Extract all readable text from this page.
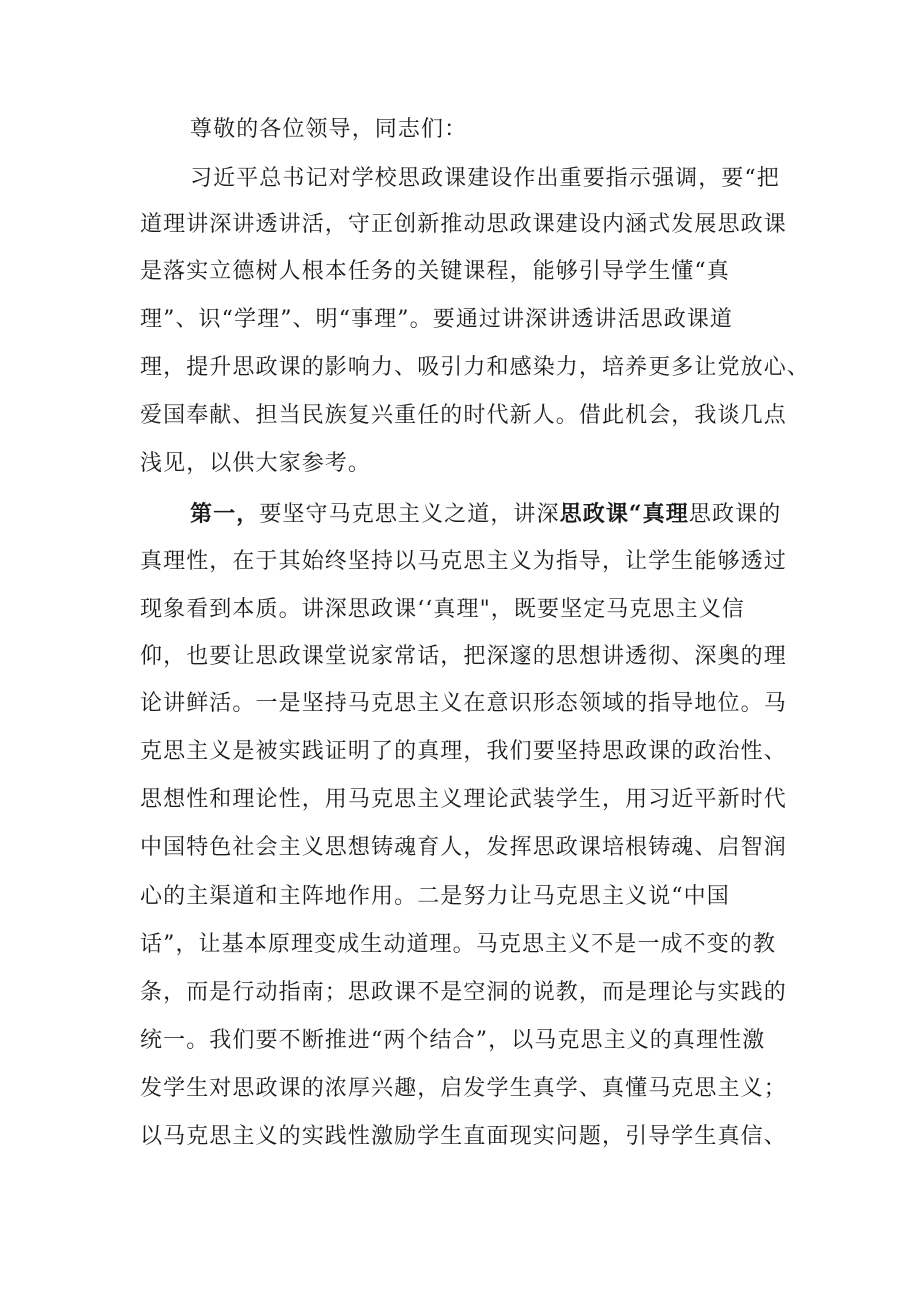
尊敬的各位领导，同志们：
习近平总书记对学校思政课建设作出重要指示强调，要“把
道理讲深讲透讲活，守正创新推动思政课建设内涵式发展思政课
是落实立德树人根本任务的关键课程，能够引导学生懂“真
理”、识“学理”、明“事理”。要通过讲深讲透讲活思政课道
理，提升思政课的影响力、吸引力和感染力，培养更多让党放心、
爱国奉献、担当民族复兴重任的时代新人。借此机会，我谈几点
浅见，以供大家参考。
第一，要坚守马克思主义之道，讲深思政课“真理思政课的
真理性，在于其始终坚持以马克思主义为指导，让学生能够透过
现象看到本质。讲深思政课‘‘真理"，既要坚定马克思主义信
仰，也要让思政课堂说家常话，把深邃的思想讲透彻、深奥的理
论讲鲜活。一是坚持马克思主义在意识形态领域的指导地位。马
克思主义是被实践证明了的真理，我们要坚持思政课的政治性、
思想性和理论性，用马克思主义理论武装学生，用习近平新时代
中国特色社会主义思想铸魂育人，发挥思政课培根铸魂、启智润
心的主渠道和主阵地作用。二是努力让马克思主义说“中国
话”，让基本原理变成生动道理。马克思主义不是一成不变的教
条，而是行动指南；思政课不是空洞的说教，而是理论与实践的
统一。我们要不断推进“两个结合”，以马克思主义的真理性激
发学生对思政课的浓厚兴趣，启发学生真学、真懂马克思主义；
以马克思主义的实践性激励学生直面现实问题，引导学生真信、
